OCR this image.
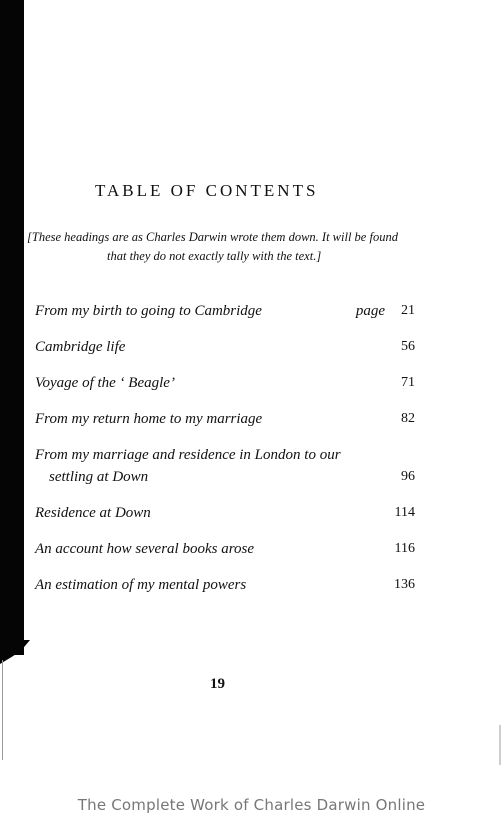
TABLE OF CONTENTS
[These headings are as Charles Darwin wrote them down. It will be found
that they do not exactly tally with the text.]
From my birth to going to Cambridge	page 21
Cambridge life	56
Voyage of the ‘ Beagle’	71
From my return home to my marriage	82
From my marriage and residence in London to our
settling at Down	96
Residence at Down	114
An account how several books arose	116
An estimation of my mental powers	136
19
The Complete Work of Charles Darwin Online
